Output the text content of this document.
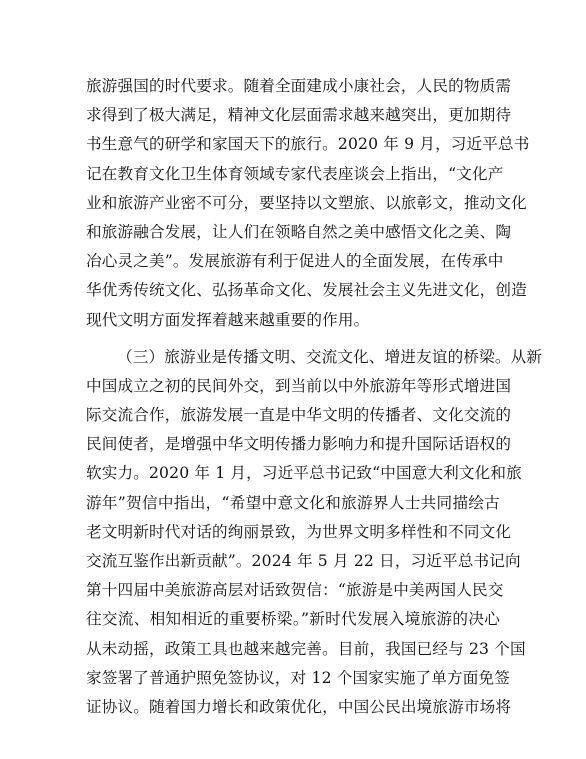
旅游强国的时代要求。随着全面建成小康社会，人民的物质需
求得到了极大满足，精神文化层面需求越来越突出，更加期待
书生意气的研学和家国天下的旅行。2020 年 9 月，习近平总书
记在教育文化卫生体育领域专家代表座谈会上指出，“文化产
业和旅游产业密不可分，要坚持以文塑旅、以旅彰文，推动文化
和旅游融合发展，让人们在领略自然之美中感悟文化之美、陶
冶心灵之美”。发展旅游有利于促进人的全面发展，在传承中
华优秀传统文化、弘扬革命文化、发展社会主义先进文化，创造
现代文明方面发挥着越来越重要的作用。
（三）旅游业是传播文明、交流文化、增进友谊的桥梁。从新
中国成立之初的民间外交，到当前以中外旅游年等形式增进国
际交流合作，旅游发展一直是中华文明的传播者、文化交流的
民间使者，是增强中华文明传播力影响力和提升国际话语权的
软实力。2020 年 1 月，习近平总书记致“中国意大利文化和旅
游年”贺信中指出，“希望中意文化和旅游界人士共同描绘古
老文明新时代对话的绚丽景致，为世界文明多样性和不同文化
交流互鉴作出新贡献”。2024 年 5 月 22 日，习近平总书记向
第十四届中美旅游高层对话致贺信：“旅游是中美两国人民交
往交流、相知相近的重要桥梁。”新时代发展入境旅游的决心
从未动摇，政策工具也越来越完善。目前，我国已经与 23 个国
家签署了普通护照免签协议，对 12 个国家实施了单方面免签
证协议。随着国力增长和政策优化，中国公民出境旅游市场将
